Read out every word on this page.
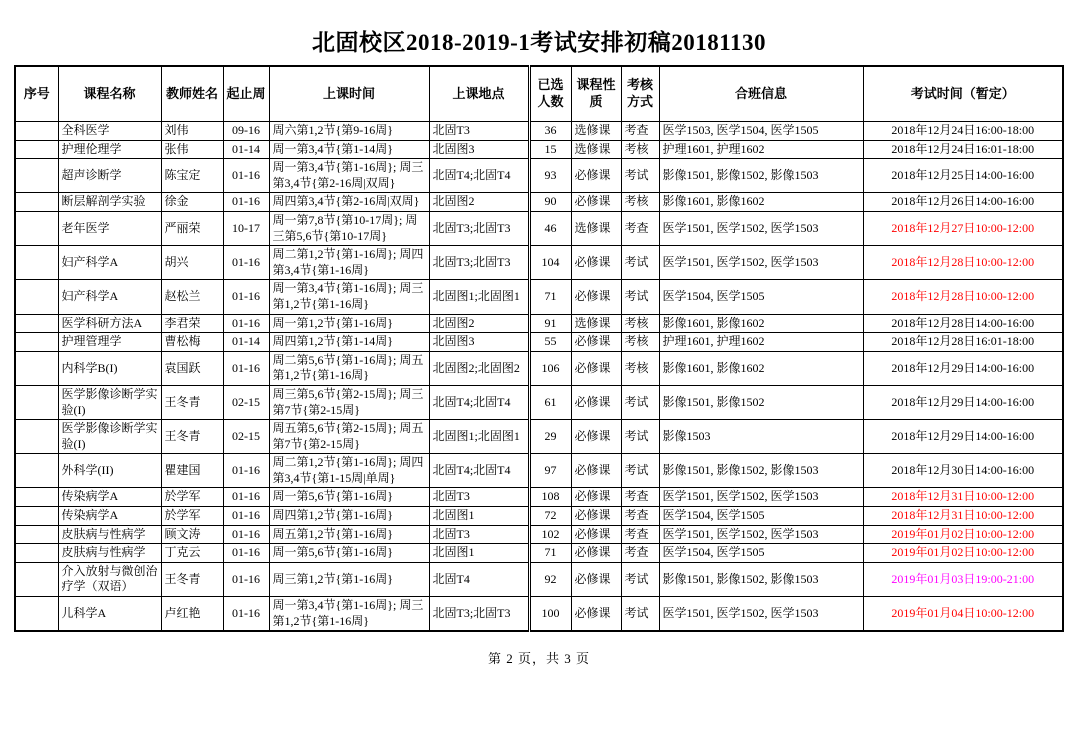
北固校区2018-2019-1考试安排初稿20181130
序号	课程名称	教师姓名	起止周	上课时间	上课地点	已选人数	课程性质	考核方式	合班信息	考试时间（暂定）
	全科医学	刘伟	09-16	周六第1,2节{第9-16周}	北固T3	36	选修课	考查	医学1503, 医学1504, 医学1505	2018年12月24日16:00-18:00
	护理伦理学	张伟	01-14	周一第3,4节{第1-14周}	北固图3	15	选修课	考核	护理1601, 护理1602	2018年12月24日16:01-18:00
	超声诊断学	陈宝定	01-16	周一第3,4节{第1-16周}; 周三第3,4节{第2-16周|双周}	北固T4;北固T4	93	必修课	考试	影像1501, 影像1502, 影像1503	2018年12月25日14:00-16:00
	断层解剖学实验	徐金	01-16	周四第3,4节{第2-16周|双周}	北固图2	90	必修课	考核	影像1601, 影像1602	2018年12月26日14:00-16:00
	老年医学	严丽荣	10-17	周一第7,8节{第10-17周}; 周三第5,6节{第10-17周}	北固T3;北固T3	46	选修课	考查	医学1501, 医学1502, 医学1503	2018年12月27日10:00-12:00
	妇产科学A	胡兴	01-16	周二第1,2节{第1-16周}; 周四第3,4节{第1-16周}	北固T3;北固T3	104	必修课	考试	医学1501, 医学1502, 医学1503	2018年12月28日10:00-12:00
	妇产科学A	赵松兰	01-16	周一第3,4节{第1-16周}; 周三第1,2节{第1-16周}	北固图1;北固图1	71	必修课	考试	医学1504, 医学1505	2018年12月28日10:00-12:00
	医学科研方法A	李君荣	01-16	周一第1,2节{第1-16周}	北固图2	91	选修课	考核	影像1601, 影像1602	2018年12月28日14:00-16:00
	护理管理学	曹松梅	01-14	周四第1,2节{第1-14周}	北固图3	55	必修课	考核	护理1601, 护理1602	2018年12月28日16:01-18:00
	内科学B(I)	袁国跃	01-16	周二第5,6节{第1-16周}; 周五第1,2节{第1-16周}	北固图2;北固图2	106	必修课	考核	影像1601, 影像1602	2018年12月29日14:00-16:00
	医学影像诊断学实验(I)	王冬青	02-15	周三第5,6节{第2-15周}; 周三第7节{第2-15周}	北固T4;北固T4	61	必修课	考试	影像1501, 影像1502	2018年12月29日14:00-16:00
	医学影像诊断学实验(I)	王冬青	02-15	周五第5,6节{第2-15周}; 周五第7节{第2-15周}	北固图1;北固图1	29	必修课	考试	影像1503	2018年12月29日14:00-16:00
	外科学(II)	瞿建国	01-16	周二第1,2节{第1-16周}; 周四第3,4节{第1-15周|单周}	北固T4;北固T4	97	必修课	考试	影像1501, 影像1502, 影像1503	2018年12月30日14:00-16:00
	传染病学A	於学军	01-16	周一第5,6节{第1-16周}	北固T3	108	必修课	考查	医学1501, 医学1502, 医学1503	2018年12月31日10:00-12:00
	传染病学A	於学军	01-16	周四第1,2节{第1-16周}	北固图1	72	必修课	考查	医学1504, 医学1505	2018年12月31日10:00-12:00
	皮肤病与性病学	顾文涛	01-16	周五第1,2节{第1-16周}	北固T3	102	必修课	考查	医学1501, 医学1502, 医学1503	2019年01月02日10:00-12:00
	皮肤病与性病学	丁克云	01-16	周一第5,6节{第1-16周}	北固图1	71	必修课	考查	医学1504, 医学1505	2019年01月02日10:00-12:00
	介入放射与微创治疗学（双语）	王冬青	01-16	周三第1,2节{第1-16周}	北固T4	92	必修课	考试	影像1501, 影像1502, 影像1503	2019年01月03日19:00-21:00
	儿科学A	卢红艳	01-16	周一第3,4节{第1-16周}; 周三第1,2节{第1-16周}	北固T3;北固T3	100	必修课	考试	医学1501, 医学1502, 医学1503	2019年01月04日10:00-12:00
第 2 页，共 3 页
